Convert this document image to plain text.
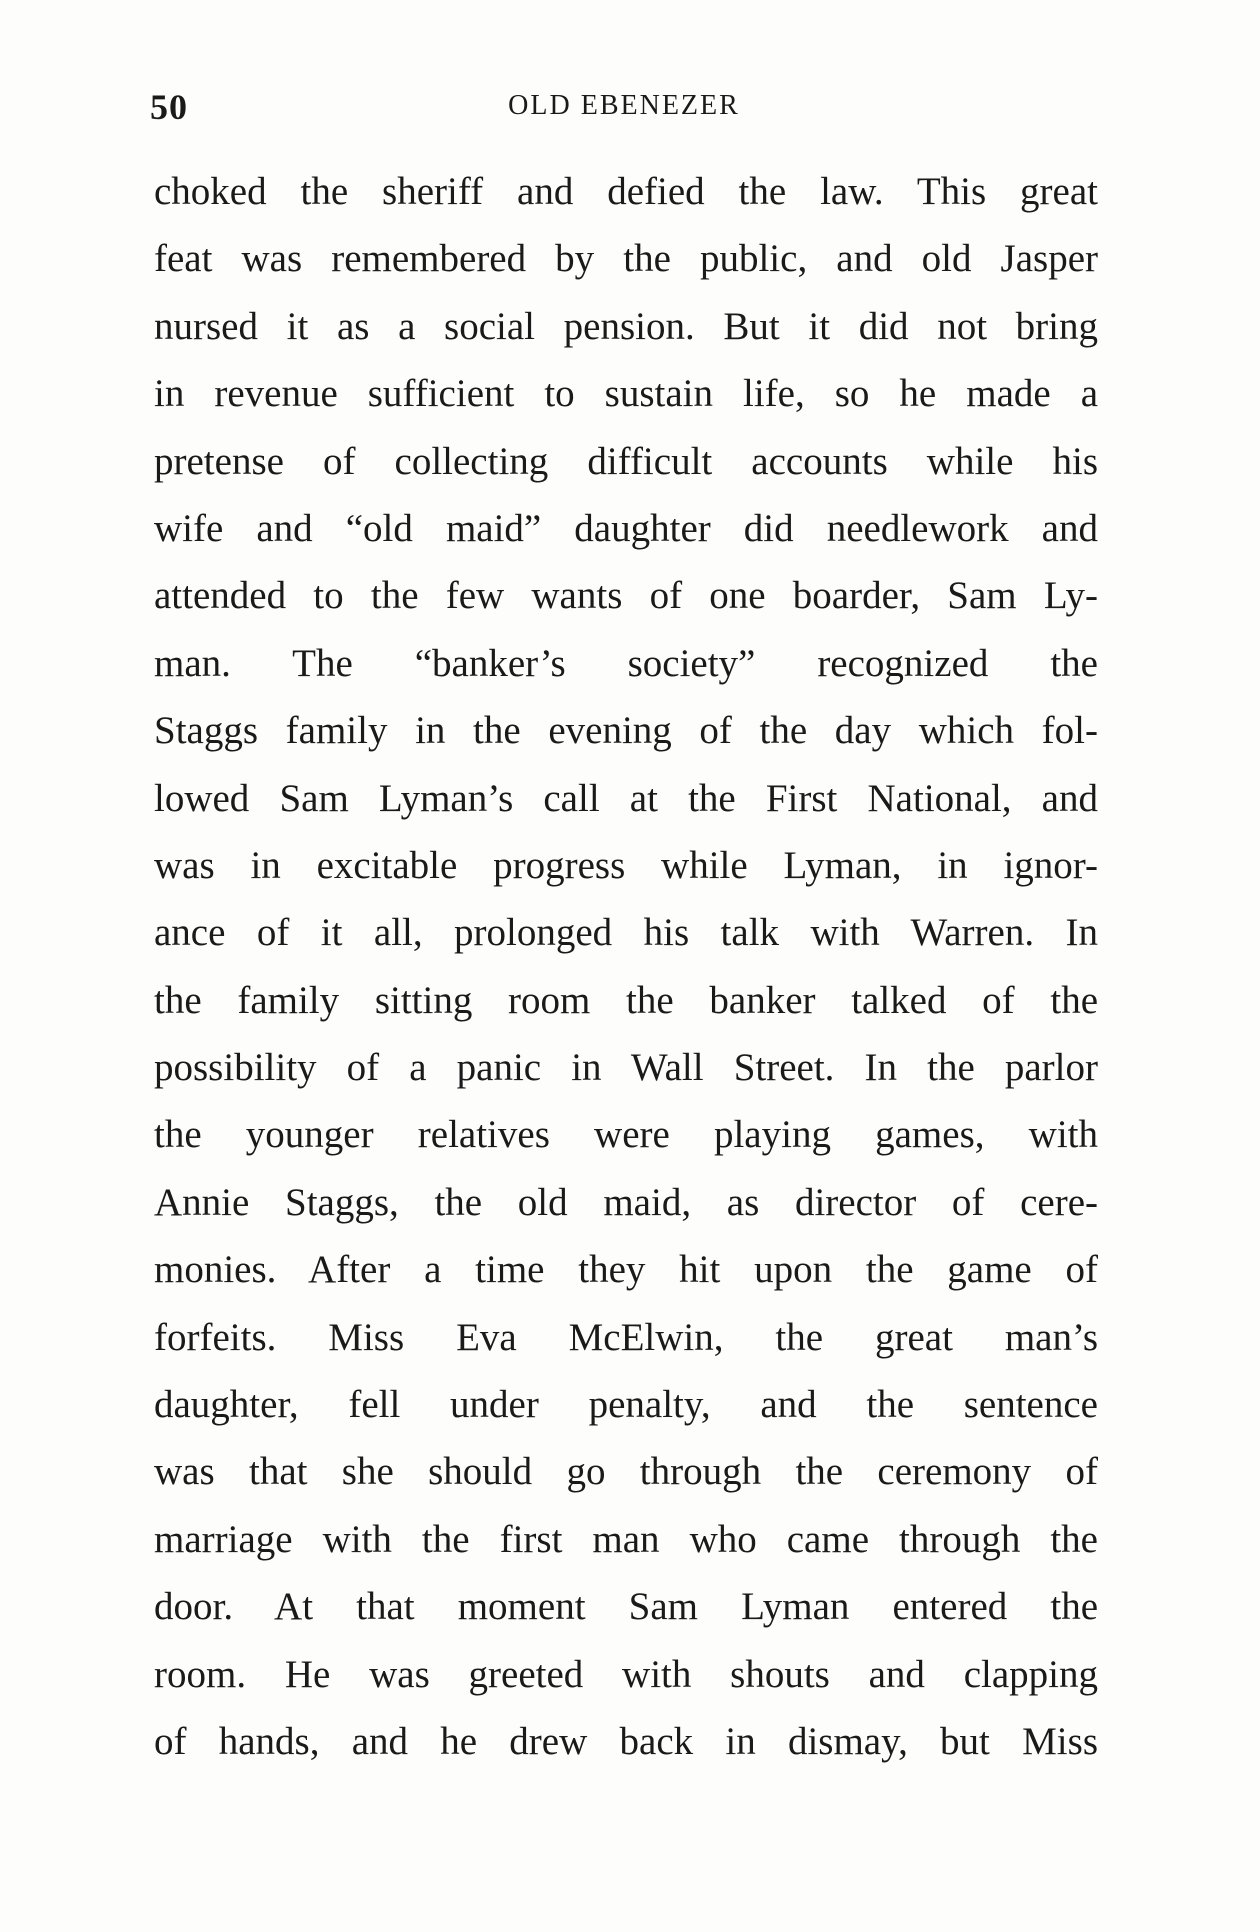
50	OLD EBENEZER
choked the sheriff and defied the law. This great
feat was remembered by the public, and old Jasper
nursed it as a social pension. But it did not bring
in revenue sufficient to sustain life, so he made a
pretense of collecting difficult accounts while his
wife and “old maid” daughter did needlework and
attended to the few wants of one boarder, Sam Ly-
man. The “banker’s society” recognized the
Staggs family in the evening of the day which fol-
lowed Sam Lyman’s call at the First National, and
was in excitable progress while Lyman, in ignor-
ance of it all, prolonged his talk with Warren. In
the family sitting room the banker talked of the
possibility of a panic in Wall Street. In the parlor
the younger relatives were playing games, with
Annie Staggs, the old maid, as director of cere-
monies. After a time they hit upon the game of
forfeits. Miss Eva McElwin, the great man’s
daughter, fell under penalty, and the sentence
was that she should go through the ceremony of
marriage with the first man who came through the
door. At that moment Sam Lyman entered the
room. He was greeted with shouts and clapping
of hands, and he drew back in dismay, but Miss
